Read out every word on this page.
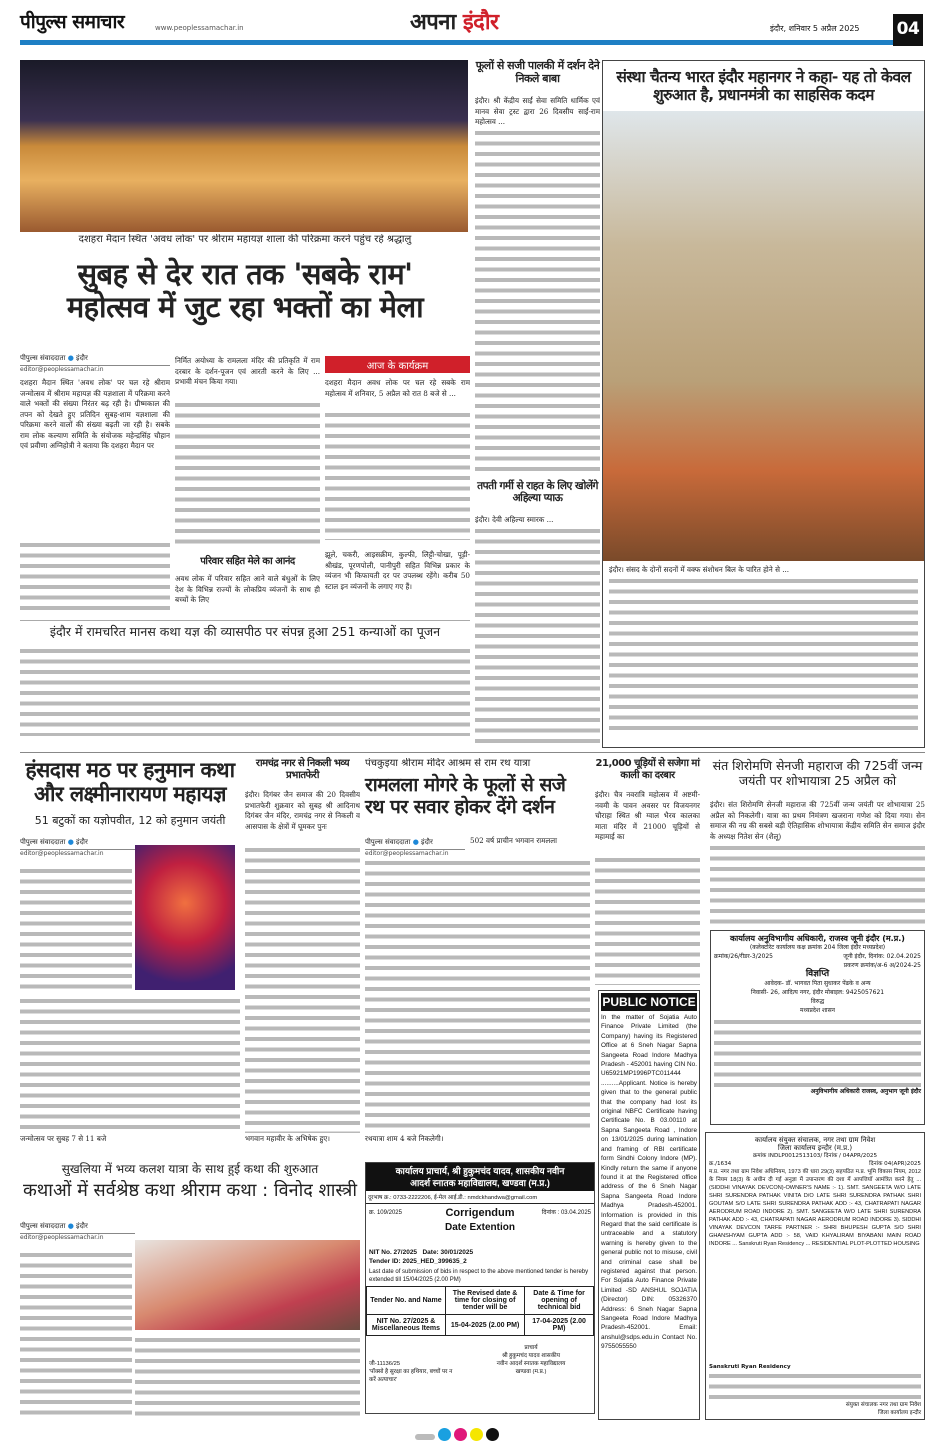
पीपुल्स समाचार	www.peoplessamachar.in	अपना इंदौर	इंदौर, शनिवार 5 अप्रैल 2025 04
दशहरा मैदान स्थित 'अवध लोक' पर श्रीराम महायज्ञ शाला की परिक्रमा करने पहुंच रहे श्रद्धालु
सुबह से देर रात तक 'सबके राम'
महोत्सव में जुट रहा भक्तों का मेला
पीपुल्स संवाददाता ● इंदौर
editor@peoplessamachar.in
दशहरा मैदान स्थित 'अवध लोक' पर चल रहे श्रीराम जन्मोत्सव में श्रीराम महायज्ञ की यज्ञशाला में परिक्रमा करने वाले भक्तों की संख्या निरंतर बढ़ रही है। ग्रीष्मकाल की तपन को देखते हुए प्रतिदिन सुबह-शाम यज्ञशाला की परिक्रमा करने वालों की संख्या बढ़ती जा रही है। सबके राम लोक कल्याण समिति के संयोजक महेन्द्रसिंह चौहान एवं प्रवीणा अग्निहोत्री ने बताया कि दशहरा मैदान पर
निर्मित अयोध्या के रामलला मंदिर की प्रतिकृति में राम दरबार के दर्शन-पूजन एवं आरती करने के लिए ... प्रभावी मंचन किया गया।
परिवार सहित मेले का आनंद
अवध लोक में परिवार सहित आने वाले बंधुओं के लिए देश के विभिन्न राज्यों के लोकप्रिय व्यंजनों के साथ ही बच्चों के लिए
आज के कार्यक्रम
दशहरा मैदान अवध लोक पर चल रहे सबके राम महोत्सव में शनिवार, 5 अप्रैल को रात 8 बजे से ...
झूले, चकरी, आइसक्रीम, कुल्फी, लिट्टी-चोखा, पूड़ी-श्रीखंड, पूरणपोली, पानीपुरी सहित विभिन्न प्रकार के व्यंजन भी किफायती दर पर उपलब्ध रहेंगे। करीब 50 स्टाल इन व्यंजनों के लगाए गए हैं।
इंदौर में रामचरित मानस कथा यज्ञ की व्यासपीठ पर संपन्न हुआ 251 कन्याओं का पूजन
फूलों से सजी पालकी में दर्शन देने निकले बाबा
इंदौर। श्री केंद्रीय साईं सेवा समिति धार्मिक एवं मानव सेवा ट्रस्ट द्वारा 26 दिवसीय साईं-राम महोत्सव ...
तपती गर्मी से राहत के लिए खोलेंगे अहिल्या प्याऊ
इंदौर। देवी अहिल्या स्मारक ...
संस्था चैतन्य भारत इंदौर महानगर ने कहा- यह तो केवल शुरुआत है, प्रधानमंत्री का साहसिक कदम
इंदौर। संसद के दोनों सदनों में वक्फ संशोधन बिल के पारित होने से ...
हंसदास मठ पर हनुमान कथा
और लक्ष्मीनारायण महायज्ञ
51 बटुकों का यज्ञोपवीत, 12 को हनुमान जयंती
पीपुल्स संवाददाता ● इंदौर
editor@peoplessamachar.in
जन्मोत्सव पर सुबह 7 से 11 बजे
रामचंद्र नगर से निकली भव्य प्रभातफेरी
इंदौर। दिगंबर जैन समाज की 20 दिवसीय प्रभातफेरी शुक्रवार को सुबह श्री आदिनाथ दिगंबर जैन मंदिर, रामचंद्र नगर से निकली व आसपास के क्षेत्रों में घूमकर पुनः
भगवान महावीर के अभिषेक हुए।
पंचकुइया श्रीराम मंदिर आश्रम से राम रथ यात्रा
रामलला मोगरे के फूलों से सजे
रथ पर सवार होकर देंगे दर्शन
पीपुल्स संवाददाता ● इंदौर
editor@peoplessamachar.in
502 वर्ष प्राचीन भगवान रामलला
रथयात्रा शाम 4 बजे निकलेगी।
21,000 चूड़ियों से सजेगा मां काली का दरबार
इंदौर। चैत्र नवरात्रि महोत्सव में अष्टमी-नवमी के पावन अवसर पर विजयनगर चौराहा स्थित श्री ग्वाल भैरव कालका माता मंदिर में 21000 चूड़ियों से महामाई का
संत शिरोमणि सेनजी महाराज की 725वीं जन्म जयंती पर शोभायात्रा 25 अप्रैल को
इंदौर। संत शिरोमणि सेनजी महाराज की 725वीं जन्म जयंती पर शोभायात्रा 25 अप्रैल को निकलेगी। यात्रा का प्रथम निमंत्रण खजराना गणेश को दिया गया। सेन समाज की नग्र की सबसे बड़ी ऐतिहासिक शोभायात्रा केंद्रीय समिति सेन समाज इंदौर के अध्यक्ष नितेश सेन (शैलू)
कार्यालय अनुविभागीय अधिकारी, राजस्व जूनी इंदौर (म.प्र.)
(कलेक्टोरेट कार्यालय कक्ष क्रमांक 204 जिला इंदौर मध्यप्रदेश)
क्रमांक/26/रीडर-3/2025	जूनी इंदौर, दिनांक: 02.04.2025
प्रकरण क्रमांक/अ-6 अ/2024-25
विज्ञप्ति
आवेदक- डॉ. भागवत पिता सुधाकर पेंढके व अन्य
निवासी- 26, आदित्य नगर, इंदौर मोबाइल: 9425057621
विरुद्ध
मध्यप्रदेश शासन
अनुविभागीय अधिकारी राजस्व, अनुभाग जूनी इंदौर
PUBLIC NOTICE
In the matter of Sojatia Auto Finance Private Limited (the Company) having its Registered Office at 6 Sneh Nagar Sapna Sangeeta Road Indore Madhya Pradesh - 452001 having CIN No. U65921MP1996PTC011444 ..........Applicant. Notice is hereby given that to the general public that the company had lost its original NBFC Certificate having Certificate No. B 03.00110 at Sapna Sangeeta Road , Indore on 13/01/2025 during lamination and framing of RBI certificate form Sindhi Colony Indore (MP). Kindly return the same if anyone found it at the Registered office address of the 6 Sneh Nagar Sapna Sangeeta Road Indore Madhya Pradesh-452001. Information is provided in this Regard that the said certificate is untraceable and a statutory warning is hereby given to the general public not to misuse, civil and criminal case shall be registered against that person. For Sojatia Auto Finance Private Limited -SD ANSHUL SOJATIA (Director) DIN: 05326370 Address: 6 Sneh Nagar Sapna Sangeeta Road Indore Madhya Pradesh-452001. Email: anshul@sdps.edu.in Contact No. 9755055550
सुखलिया में भव्य कलश यात्रा के साथ हुई कथा की शुरुआत
कथाओं में सर्वश्रेष्ठ कथा श्रीराम कथा : विनोद शास्त्री
पीपुल्स संवाददाता ● इंदौर
editor@peoplessamachar.in
कार्यालय प्राचार्य, श्री हुकुमचंद यादव, शासकीय नवीन
आदर्श स्नातक महाविद्यालय, खण्डवा (म.प्र.)
दूरभाष क्र.: 0733-2222206, ई-मेल आई.डी.: nmdckhandwa@gmail.com
क्र. 109/2025	दिनांक : 03.04.2025
Corrigendum
Date Extention
NIT No. 27/2025   Date: 30/01/2025
Tender ID: 2025_HED_399635_2
Last date of submission of bids in respect to the above mentioned tender is hereby extended till 15/04/2025 (2.00 PM)
Tender No. and Name	The Revised date & time for closing of tender will be	Date & Time for opening of technical bid
NIT No. 27/2025 & Miscellaneous Items	15-04-2025 (2.00 PM)	17-04-2025 (2.00 PM)
जी-11136/25
'पॉक्सो है सुरक्षा का हथियार, बच्चों पर न करें अत्याचार'
प्राचार्य
श्री हुकुमचंद यादव शासकीय
नवीन आदर्श स्नातक महाविद्यालय
खण्डवा (म.प्र.)
कार्यालय संयुक्त संचालक, नगर तथा ग्राम निवेश
जिला कार्यालय इन्दौर (म.प्र.)
क्रमांक INDLP0012513103/ दिनांक / 04APR/2025
क्र./1634	दिनांक 04(APR)2025
म.प्र. नगर तथा ग्राम निवेश अधिनियम, 1973 की धारा 29(3) सहपठित म.प्र. भूमि विकास नियम, 2012 के नियम 18(3) के अधीन दी गई अनुज्ञा में उपान्तरण की दशा में आपत्तियाँ आमंत्रित करने हेतु ... (SIDDHI VINAYAK DEVCON)-OWNER'S NAME :- 1). SMT. SANGEETA W/O LATE SHRI SURENDRA PATHAK VINITA D/O LATE SHRI SURENDRA PATHAK SHRI GOUTAM S/O LATE SHRI SURENDRA PATHAK ADD :- 43, CHATRAPATI NAGAR AERODRUM ROAD INDORE 2). SMT. SANGEETA W/O LATE SHRI SURENDRA PATHAK ADD :- 43, CHATRAPATI NAGAR AERODRUM ROAD INDORE 3). SIDDHI VINAYAK DEVCON TARFE PARTNER :- SHRI BHUPESH GUPTA S/O SHRI GHANSHYAM GUPTA ADD :- 58, VAID KHYALIRAM BIYABANI MAIN ROAD INDORE ... Sanskruti Ryan Residency ... RESIDENTIAL PLOT-PLOTTED HOUSING
Sanskruti Ryan Residency
संयुक्त संचालक नगर तथा ग्राम निवेश जिला कार्यालय इन्दौर
